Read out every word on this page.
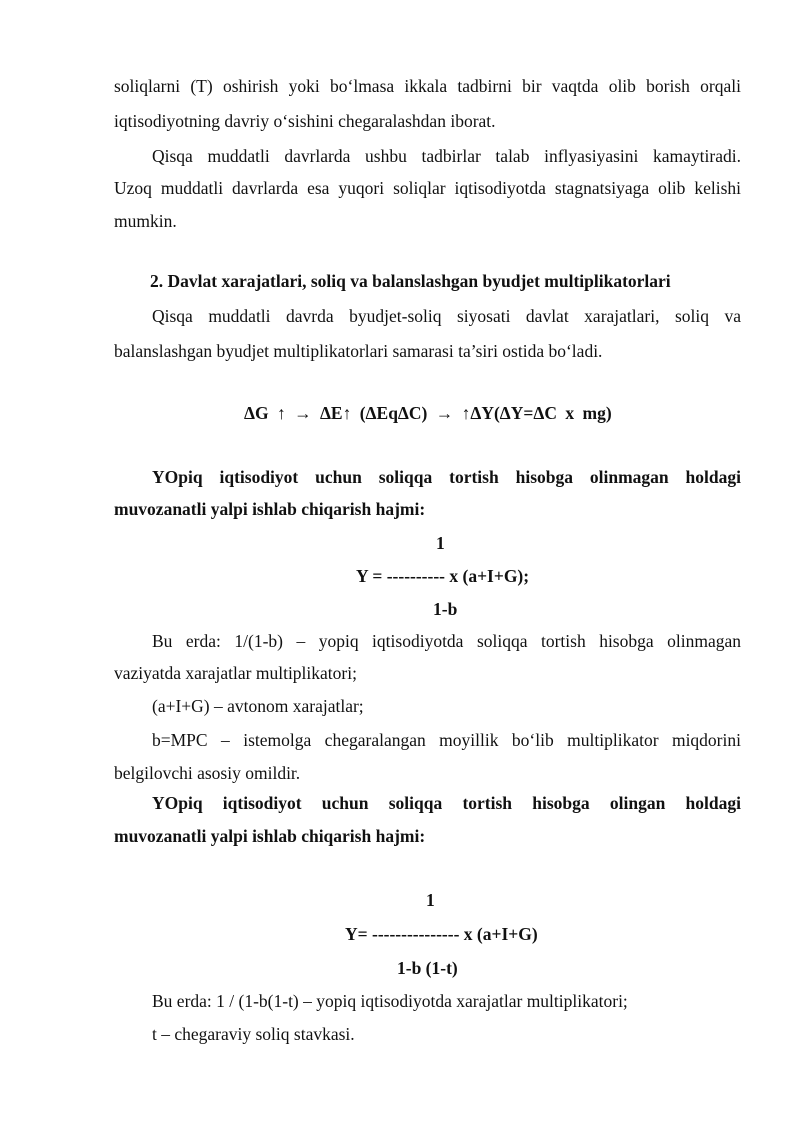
soliqlarni (T) oshirish yoki bo‘lmasa ikkala tadbirni bir vaqtda olib borish orqali
iqtisodiyotning davriy o‘sishini chegaralashdan iborat.
Qisqa muddatli davrlarda ushbu tadbirlar talab inflyasiyasini kamaytiradi.
Uzoq muddatli davrlarda esa yuqori soliqlar iqtisodiyotda stagnatsiyaga olib kelishi
mumkin.
2. Davlat xarajatlari, soliq va balanslashgan byudjet multiplikatorlari
Qisqa muddatli davrda byudjet-soliq siyosati davlat xarajatlari, soliq va
balanslashgan byudjet multiplikatorlari samarasi ta’siri ostida bo‘ladi.
ΔG ↑ → ΔE↑ (ΔEqΔC) → ↑ΔY(ΔY=ΔC x mg)
YOpiq iqtisodiyot uchun soliqqa tortish hisobga olinmagan holdagi
muvozanatli yalpi ishlab chiqarish hajmi:
1
Y = ---------- x (a+I+G);
1-b
Bu erda: 1/(1-b) – yopiq iqtisodiyotda soliqqa tortish hisobga olinmagan
vaziyatda xarajatlar multiplikatori;
(a+I+G) – avtonom xarajatlar;
b=MPC – istemolga chegaralangan moyillik bo‘lib multiplikator miqdorini
belgilovchi asosiy omildir.
YOpiq iqtisodiyot uchun soliqqa tortish hisobga olingan holdagi
muvozanatli yalpi ishlab chiqarish hajmi:
1
Y= --------------- x (a+I+G)
1-b (1-t)
Bu erda: 1 / (1-b(1-t) – yopiq iqtisodiyotda xarajatlar multiplikatori;
t – chegaraviy soliq stavkasi.
